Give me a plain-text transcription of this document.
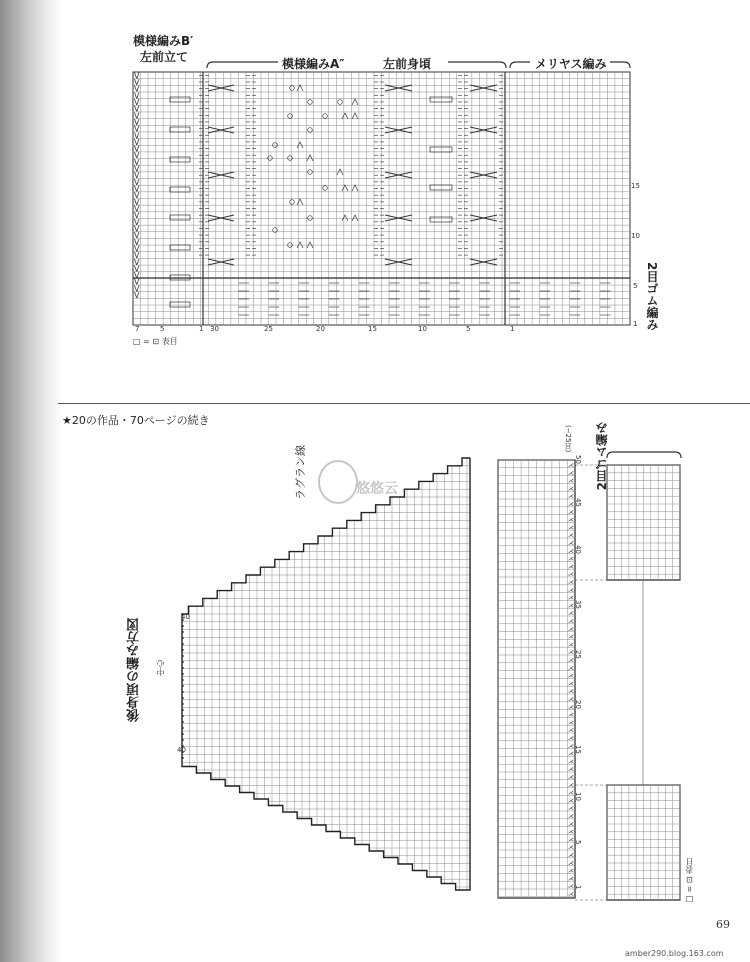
模様編みB′
左前立て	模様編みA″	左前身頃	メリヤス編み
2目ゴム編み
□ = ⊡ 表目
V
V
V
V
V
V
V
V
V
V
V
V
V
V
V
V
V
V
V
V
V
V
V
V
V
V
V
V
V
V
V
V
V
V
7	5	1 30	25	20	15	10	5	1
15
10
5
1
★20の作品・70ページの続き
⋌
⋌
⋌
⋌
⋌
⋌
⋌
⋌
⋌
⋌
⋌
⋌
⋌
⋌
⋌
⋌
⋌
⋌
⋌
⋌
⋌
⋌
⋌
⋌
⋌
⋌
⋌
⋌
⋌
⋌
⋌
⋌
⋌
⋌
⋌
⋌
⋌
⋌
⋌
⋌
⋌
⋌
⋌
⋌
⋌
⋌
⋌
⋌
⋌
⋌
⋌
⋌
⋌
⋌
⋌
⋌
後身頃の編み方図 中心
ラグラン線	2目ゴム編み
(−25目)
□ = ⊡ 表目
悠悠云
40
40
50
45
40
35
25
20
15
10
5
1
69
amber290.blog.163.com
